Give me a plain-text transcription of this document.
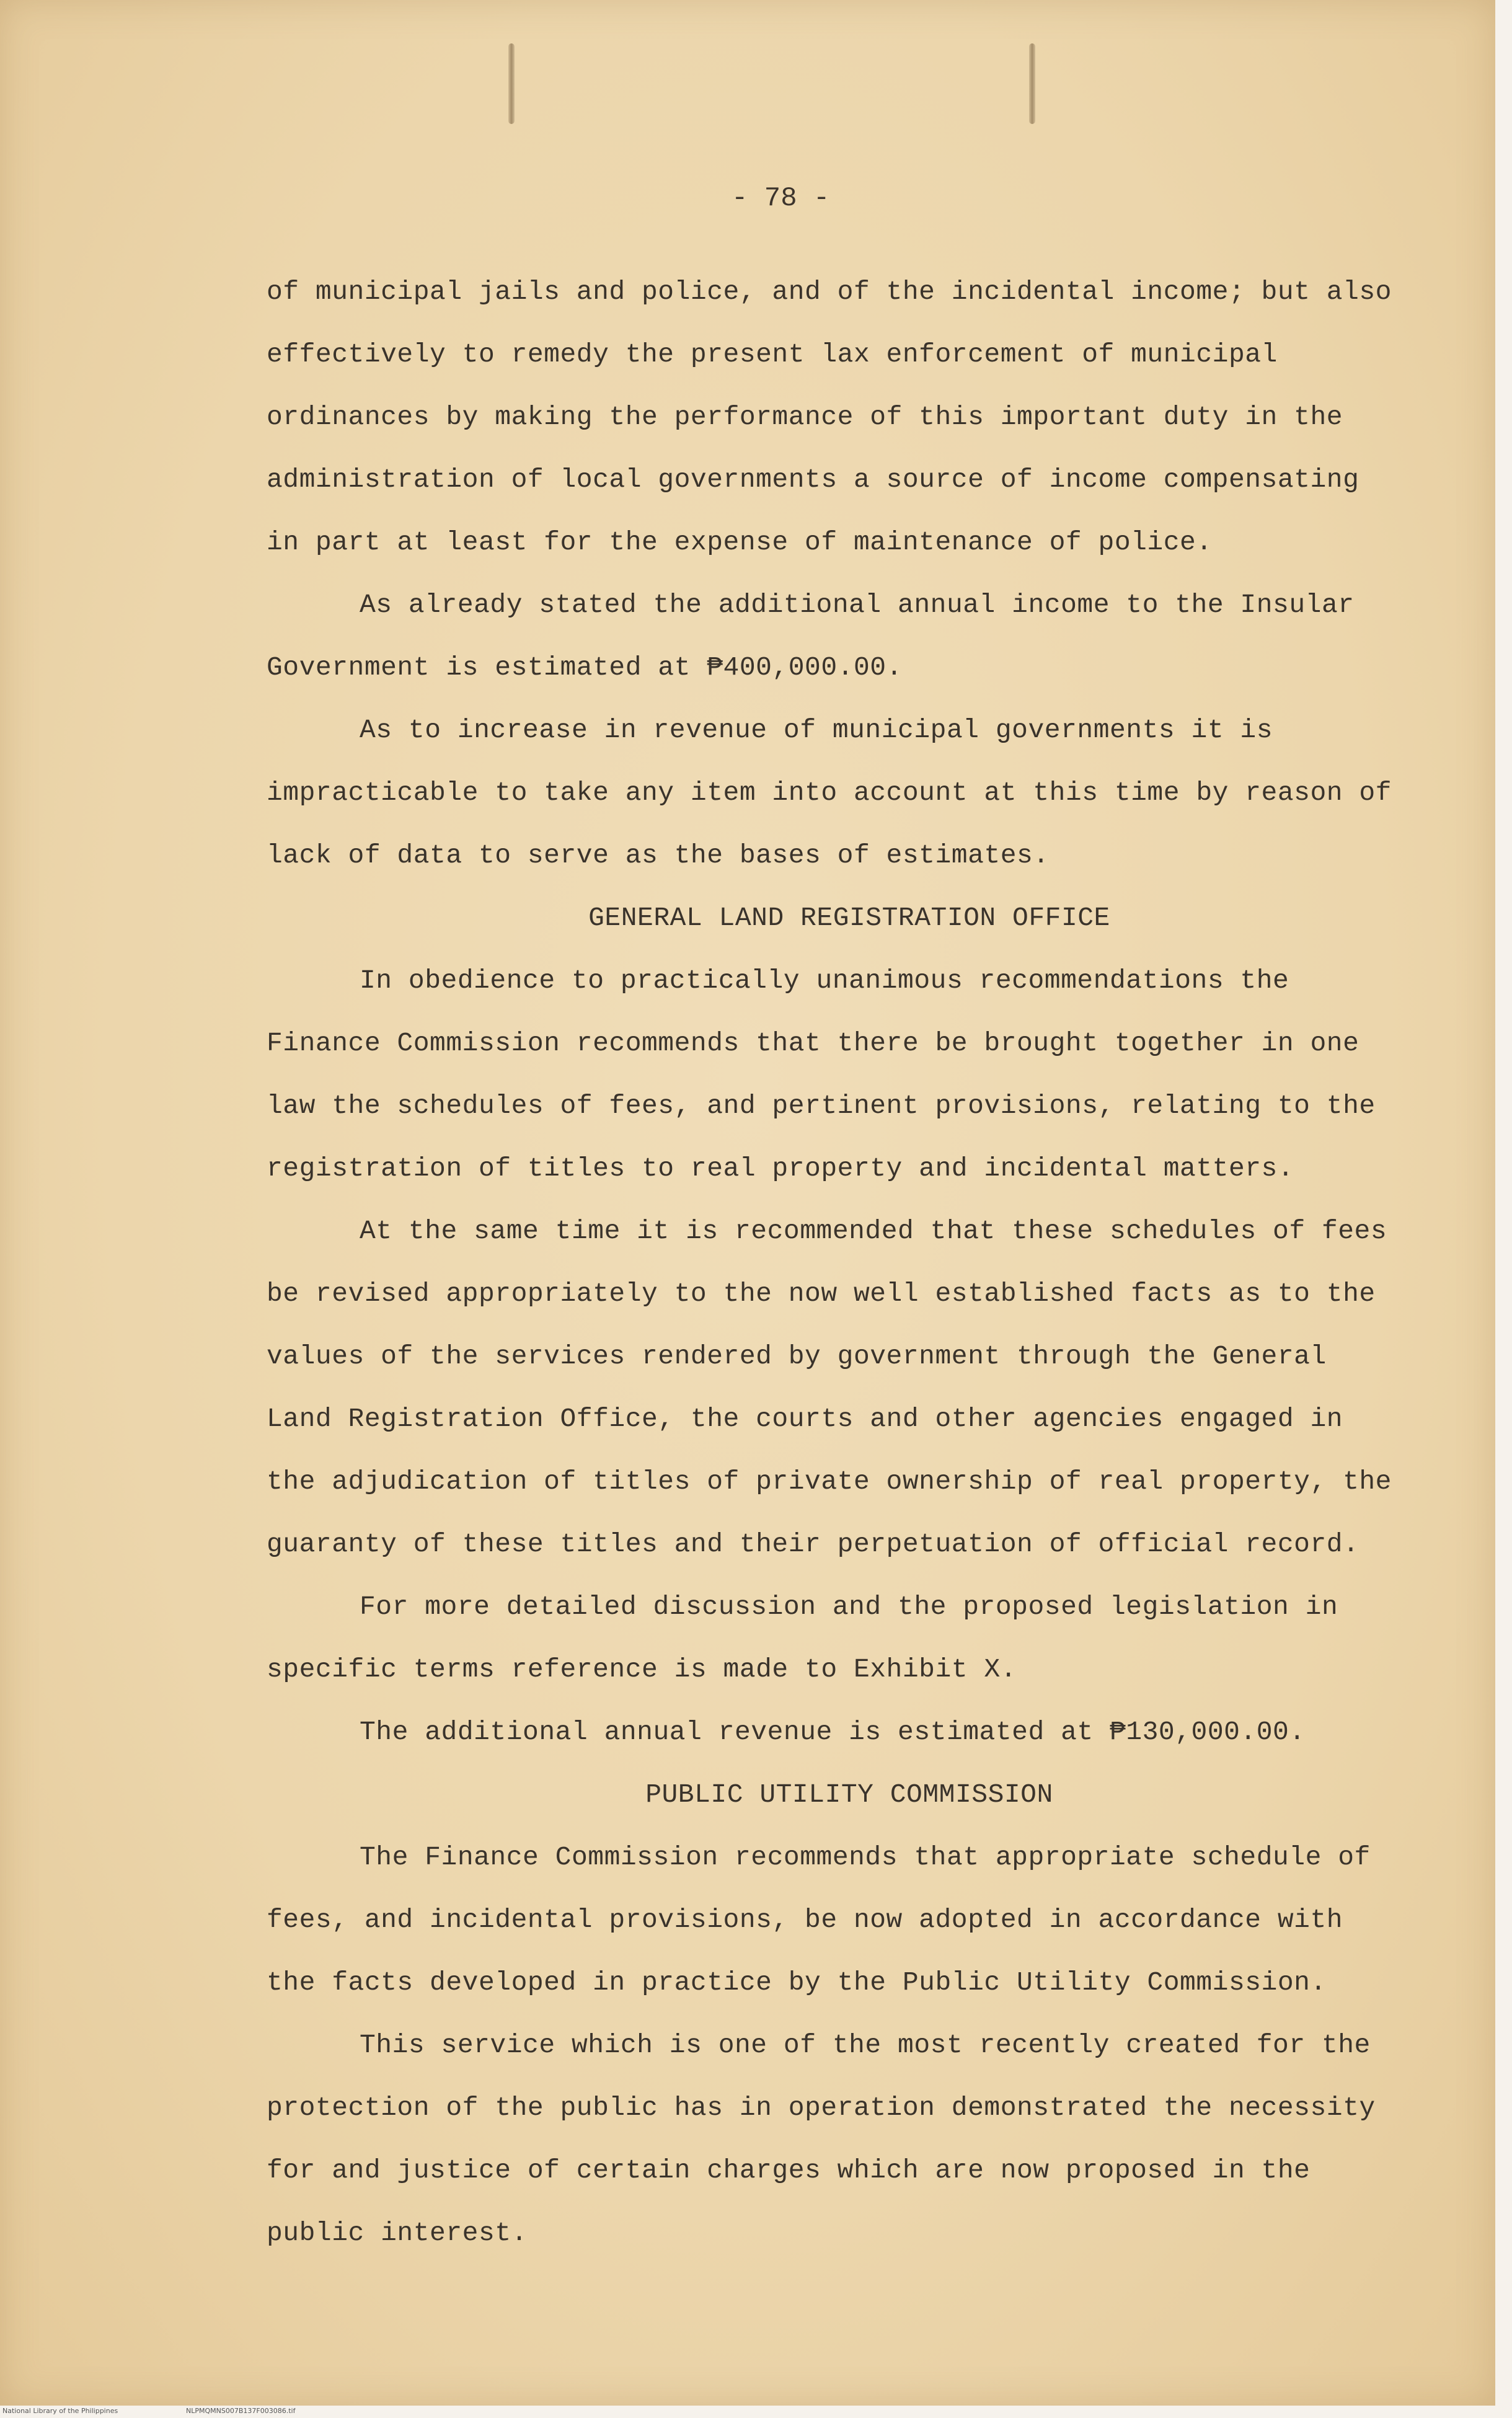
- 78 -

of municipal jails and police, and of the incidental income; but also effectively to remedy the present lax enforcement of municipal ordinances by making the performance of this important duty in the administration of local governments a source of income compensating in part at least for the expense of maintenance of police.

As already stated the additional annual income to the Insular Government is estimated at ₱400,000.00.

As to increase in revenue of municipal governments it is impracticable to take any item into account at this time by reason of lack of data to serve as the bases of estimates.

GENERAL LAND REGISTRATION OFFICE

In obedience to practically unanimous recommendations the Finance Commission recommends that there be brought together in one law the schedules of fees, and pertinent provisions, relating to the registration of titles to real property and incidental matters.

At the same time it is recommended that these schedules of fees be revised appropriately to the now well established facts as to the values of the services rendered by government through the General Land Registration Office, the courts and other agencies engaged in the adjudication of titles of private ownership of real property, the guaranty of these titles and their perpetuation of official record.

For more detailed discussion and the proposed legislation in specific terms reference is made to Exhibit X.

The additional annual revenue is estimated at ₱130,000.00.

PUBLIC UTILITY COMMISSION

The Finance Commission recommends that appropriate schedule of fees, and incidental provisions, be now adopted in accordance with the facts developed in practice by the Public Utility Commission.

This service which is one of the most recently created for the protection of the public has in operation demonstrated the necessity for and justice of certain charges which are now proposed in the public interest.

National Library of the Philippines	NLPMQMNS007B137F003086.tif
